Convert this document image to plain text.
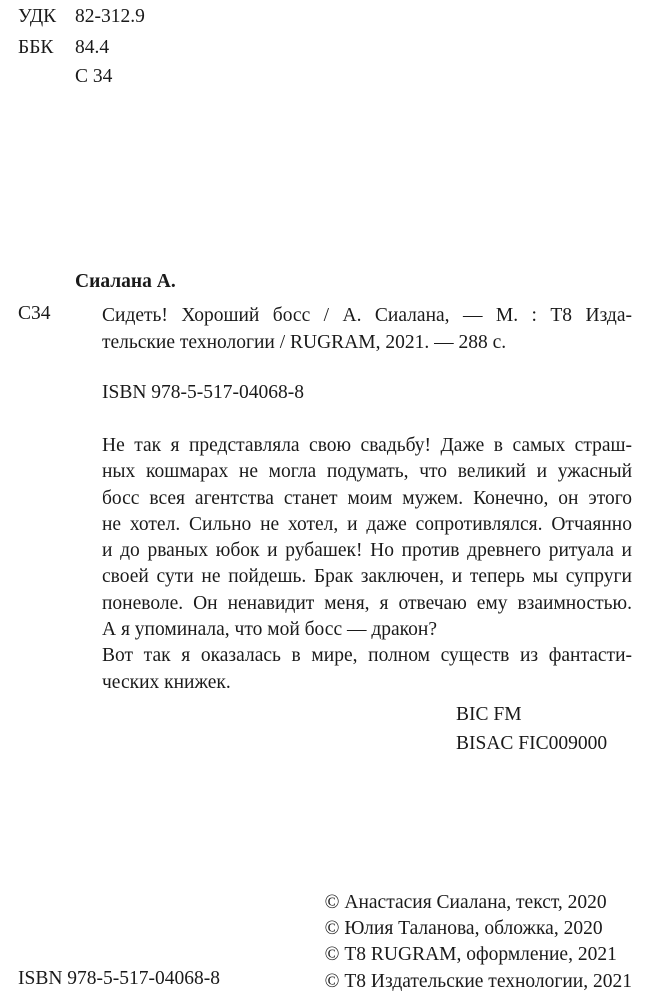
УДК 82-312.9
ББК 84.4
С 34
Сиалана А.
С34	Сидеть! Хороший босс / А. Сиалана, — М. : Т8 Изда-
тельские технологии / RUGRAM, 2021. — 288 с.
ISBN 978-5-517-04068-8
Не так я представляла свою свадьбу! Даже в самых страш-
ных кошмарах не могла подумать, что великий и ужасный
босс всея агентства станет моим мужем. Конечно, он этого
не хотел. Сильно не хотел, и даже сопротивлялся. Отчаянно
и до рваных юбок и рубашек! Но против древнего ритуала и
своей сути не пойдешь. Брак заключен, и теперь мы супруги
поневоле. Он ненавидит меня, я отвечаю ему взаимностью.
А я упоминала, что мой босс — дракон?
Вот так я оказалась в мире, полном существ из фантасти-
ческих книжек.
BIC FM
BISAC FIC009000
ISBN 978-5-517-04068-8
© Анастасия Сиалана, текст, 2020
© Юлия Таланова, обложка, 2020
© Т8 RUGRAM, оформление, 2021
© Т8 Издательские технологии, 2021
